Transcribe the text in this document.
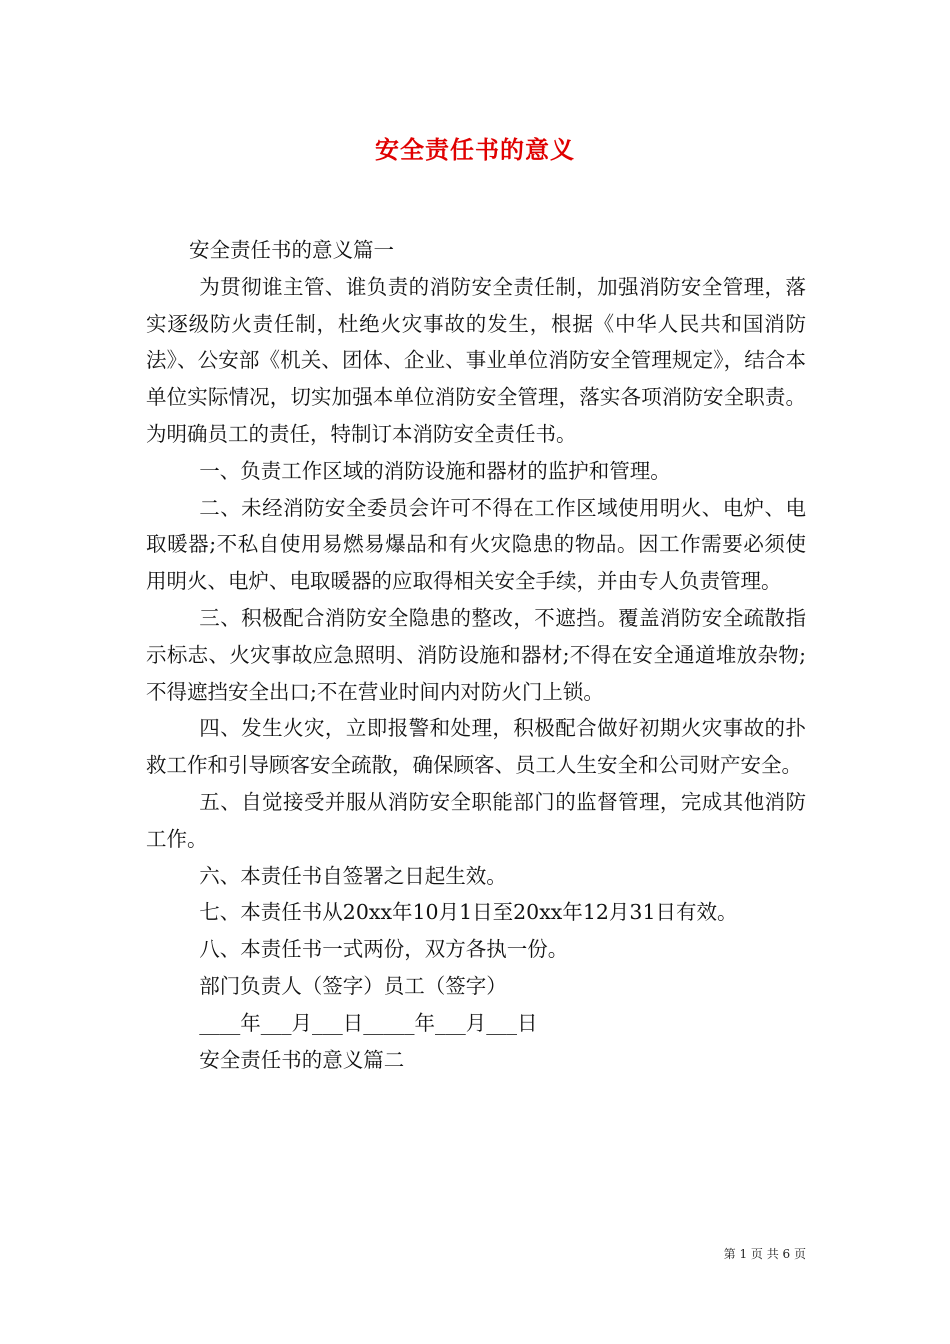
安全责任书的意义

安全责任书的意义篇一

为贯彻谁主管、谁负责的消防安全责任制，加强消防安全管理，落实逐级防火责任制，杜绝火灾事故的发生，根据《中华人民共和国消防法》、公安部《机关、团体、企业、事业单位消防安全管理规定》，结合本单位实际情况，切实加强本单位消防安全管理，落实各项消防安全职责。为明确员工的责任，特制订本消防安全责任书。

一、负责工作区域的消防设施和器材的监护和管理。

二、未经消防安全委员会许可不得在工作区域使用明火、电炉、电取暖器;不私自使用易燃易爆品和有火灾隐患的物品。因工作需要必须使用明火、电炉、电取暖器的应取得相关安全手续，并由专人负责管理。

三、积极配合消防安全隐患的整改，不遮挡。覆盖消防安全疏散指示标志、火灾事故应急照明、消防设施和器材;不得在安全通道堆放杂物;不得遮挡安全出口;不在营业时间内对防火门上锁。

四、发生火灾，立即报警和处理，积极配合做好初期火灾事故的扑救工作和引导顾客安全疏散，确保顾客、员工人生安全和公司财产安全。

五、自觉接受并服从消防安全职能部门的监督管理，完成其他消防工作。

六、本责任书自签署之日起生效。

七、本责任书从20xx年10月1日至20xx年12月31日有效。

八、本责任书一式两份，双方各执一份。

部门负责人（签字）员工（签字）

____年___月___日_____年___月___日

安全责任书的意义篇二

第 1 页 共 6 页
